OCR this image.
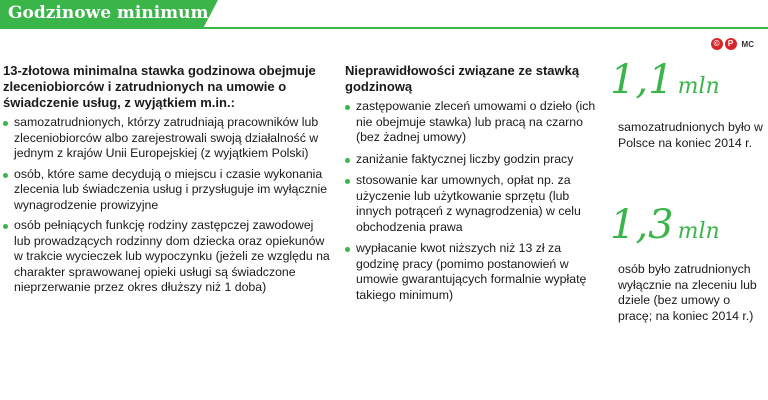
Godzinowe minimum
©	P	MC
13-złotowa minimalna stawka godzinowa obejmuje zleceniobiorców i zatrudnionych na umowie o świadczenie usług, z wyjątkiem m.in.:
samozatrudnionych, którzy zatrudniają pracowników lub zleceniobiorców albo zarejestrowali swoją działalność w jednym z krajów Unii Europejskiej (z wyjątkiem Polski)
osób, które same decydują o miejscu i czasie wykonania zlecenia lub świadczenia usług i przysługuje im wyłącznie wynagrodzenie prowizyjne
osób pełniących funkcję rodziny zastępczej zawodowej lub prowadzących rodzinny dom dziecka oraz opiekunów w trakcie wycieczek lub wypoczynku (jeżeli ze względu na charakter sprawowanej opieki usługi są świadczone nieprzerwanie przez okres dłuższy niż 1 doba)
Nieprawidłowości związane ze stawką godzinową
zastępowanie zleceń umowami o dzieło (ich nie obejmuje stawka) lub pracą na czarno (bez żadnej umowy)
zaniżanie faktycznej liczby godzin pracy
stosowanie kar umownych, opłat np. za użyczenie lub użytkowanie sprzętu (lub innych potrąceń z wynagrodzenia) w celu obchodzenia prawa
wypłacanie kwot niższych niż 13 zł za godzinę pracy (pomimo postanowień w umowie gwarantujących formalnie wypłatę takiego minimum)
1,1 mln
samozatrudnionych było w Polsce na koniec 2014 r.
1,3 mln
osób było zatrudnionych wyłącznie na zleceniu lub dziele (bez umowy o pracę; na koniec 2014 r.)
